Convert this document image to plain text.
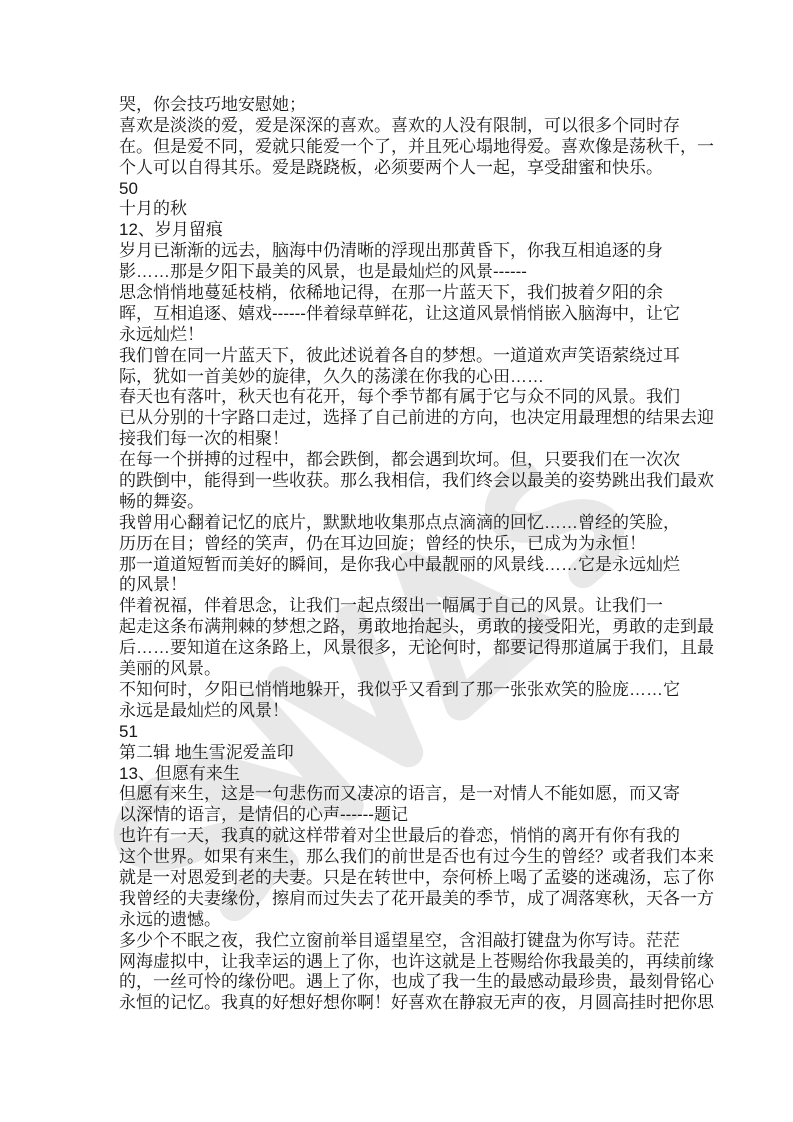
哭，你会技巧地安慰她；
喜欢是淡淡的爱，爱是深深的喜欢。喜欢的人没有限制，可以很多个同时存
在。但是爱不同，爱就只能爱一个了，并且死心塌地得爱。喜欢像是荡秋千，一
个人可以自得其乐。爱是跷跷板，必须要两个人一起，享受甜蜜和快乐。
50
十月的秋
12、岁月留痕
岁月已渐渐的远去，脑海中仍清晰的浮现出那黄昏下，你我互相追逐的身
影……那是夕阳下最美的风景，也是最灿烂的风景------
思念悄悄地蔓延枝梢，依稀地记得，在那一片蓝天下，我们披着夕阳的余
晖，互相追逐、嬉戏------伴着绿草鲜花，让这道风景悄悄嵌入脑海中，让它
永远灿烂！
我们曾在同一片蓝天下，彼此述说着各自的梦想。一道道欢声笑语萦绕过耳
际，犹如一首美妙的旋律，久久的荡漾在你我的心田……
春天也有落叶，秋天也有花开，每个季节都有属于它与众不同的风景。我们
已从分别的十字路口走过，选择了自己前进的方向，也决定用最理想的结果去迎
接我们每一次的相聚！
在每一个拼搏的过程中，都会跌倒，都会遇到坎坷。但，只要我们在一次次
的跌倒中，能得到一些收获。那么我相信，我们终会以最美的姿势跳出我们最欢
畅的舞姿。
我曾用心翻着记忆的底片，默默地收集那点点滴滴的回忆……曾经的笑脸，
历历在目；曾经的笑声，仍在耳边回旋；曾经的快乐，已成为为永恒！
那一道道短暂而美好的瞬间，是你我心中最靓丽的风景线……它是永远灿烂
的风景！
伴着祝福，伴着思念，让我们一起点缀出一幅属于自己的风景。让我们一
起走这条布满荆棘的梦想之路，勇敢地抬起头，勇敢的接受阳光，勇敢的走到最
后……要知道在这条路上，风景很多，无论何时，都要记得那道属于我们，且最
美丽的风景。
不知何时，夕阳已悄悄地躲开，我似乎又看到了那一张张欢笑的脸庞……它
永远是最灿烂的风景！
51
第二辑 地生雪泥爱盖印
13、但愿有来生
但愿有来生，这是一句悲伤而又凄凉的语言，是一对情人不能如愿，而又寄
以深情的语言，是情侣的心声------题记
也许有一天，我真的就这样带着对尘世最后的眷恋，悄悄的离开有你有我的
这个世界。如果有来生，那么我们的前世是否也有过今生的曾经？或者我们本来
就是一对恩爱到老的夫妻。只是在转世中，奈何桥上喝了孟婆的迷魂汤，忘了你
我曾经的夫妻缘份，擦肩而过失去了花开最美的季节，成了凋落寒秋，天各一方
永远的遗憾。
多少个不眠之夜，我伫立窗前举目遥望星空，含泪敲打键盘为你写诗。茫茫
网海虚拟中，让我幸运的遇上了你，也许这就是上苍赐给你我最美的，再续前缘
的，一丝可怜的缘份吧。遇上了你，也成了我一生的最感动最珍贵，最刻骨铭心
永恒的记忆。我真的好想好想你啊！好喜欢在静寂无声的夜，月圆高挂时把你思
